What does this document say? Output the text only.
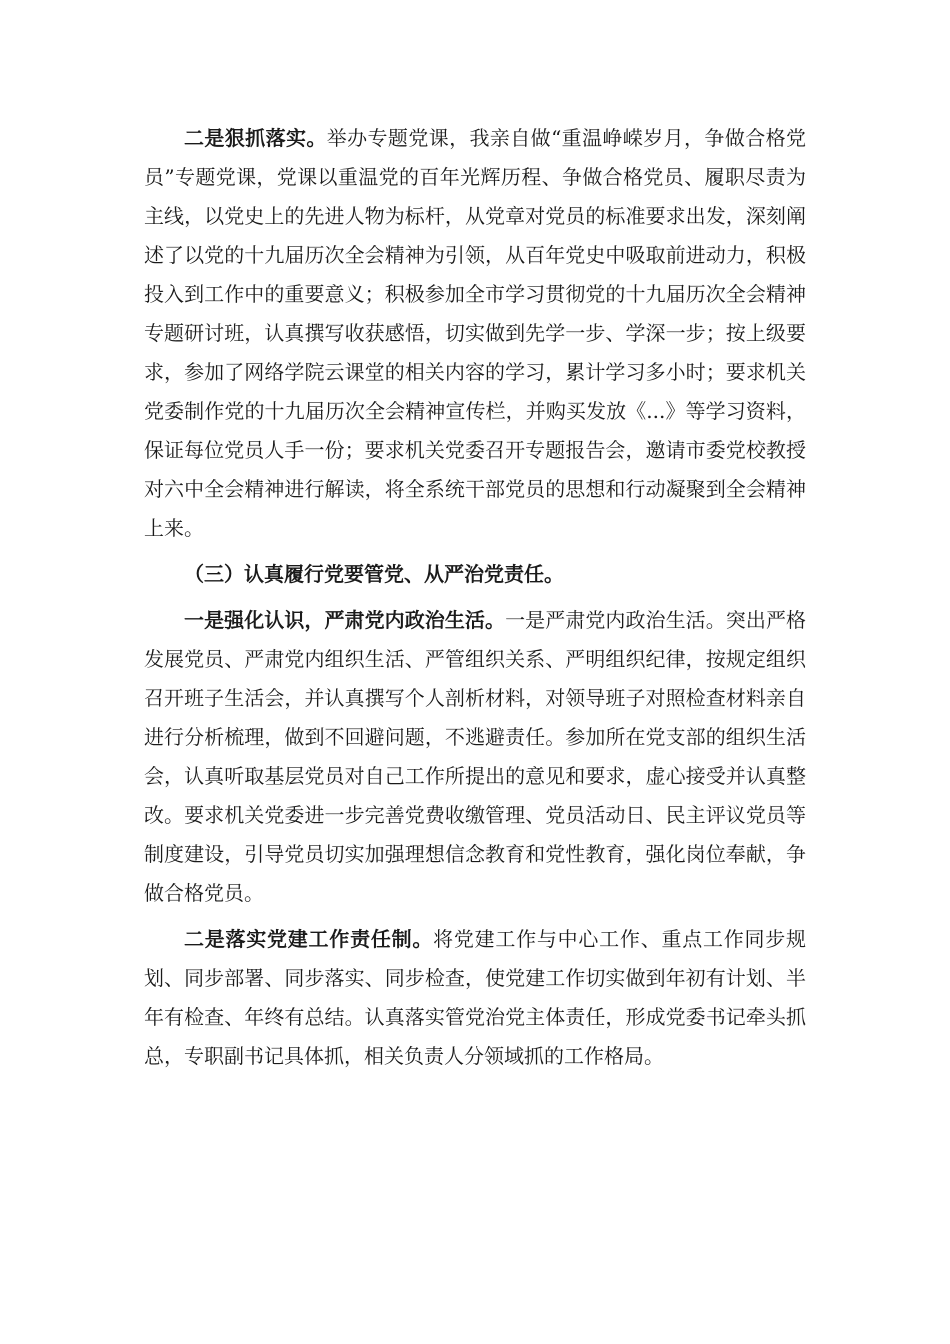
二是狠抓落实。举办专题党课，我亲自做“重温峥嵘岁月，争做合格党员”专题党课，党课以重温党的百年光辉历程、争做合格党员、履职尽责为主线，以党史上的先进人物为标杆，从党章对党员的标准要求出发，深刻阐述了以党的十九届历次全会精神为引领，从百年党史中吸取前进动力，积极投入到工作中的重要意义；积极参加全市学习贯彻党的十九届历次全会精神专题研讨班，认真撰写收获感悟，切实做到先学一步、学深一步；按上级要求，参加了网络学院云课堂的相关内容的学习，累计学习多小时；要求机关党委制作党的十九届历次全会精神宣传栏，并购买发放《...》等学习资料，保证每位党员人手一份；要求机关党委召开专题报告会，邀请市委党校教授对六中全会精神进行解读，将全系统干部党员的思想和行动凝聚到全会精神上来。

（三）认真履行党要管党、从严治党责任。

一是强化认识，严肃党内政治生活。一是严肃党内政治生活。突出严格发展党员、严肃党内组织生活、严管组织关系、严明组织纪律，按规定组织召开班子生活会，并认真撰写个人剖析材料，对领导班子对照检查材料亲自进行分析梳理，做到不回避问题，不逃避责任。参加所在党支部的组织生活会，认真听取基层党员对自己工作所提出的意见和要求，虚心接受并认真整改。要求机关党委进一步完善党费收缴管理、党员活动日、民主评议党员等制度建设，引导党员切实加强理想信念教育和党性教育，强化岗位奉献，争做合格党员。

二是落实党建工作责任制。将党建工作与中心工作、重点工作同步规划、同步部署、同步落实、同步检查，使党建工作切实做到年初有计划、半年有检查、年终有总结。认真落实管党治党主体责任，形成党委书记牵头抓总，专职副书记具体抓，相关负责人分领域抓的工作格局。
